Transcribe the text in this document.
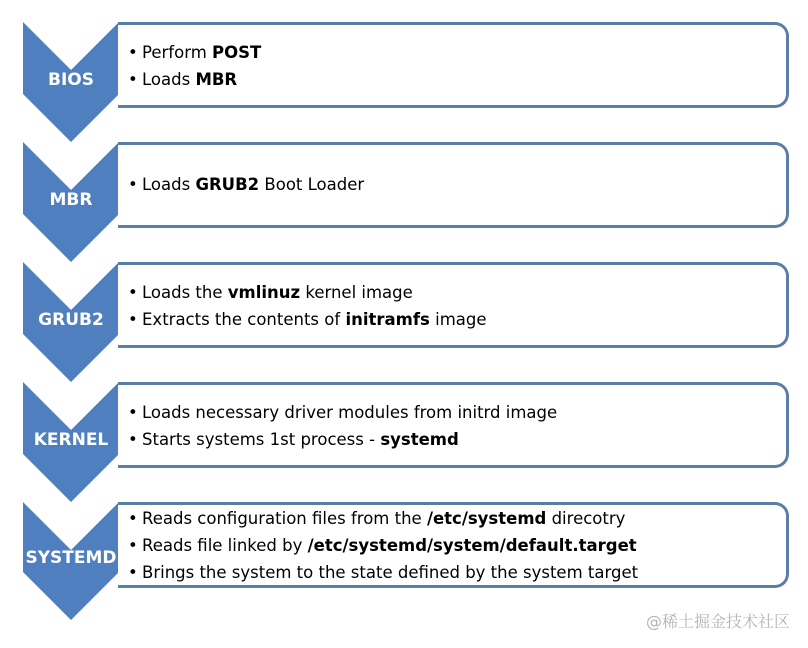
BIOS
• Perform POST
• Loads MBR
MBR
• Loads GRUB2 Boot Loader
GRUB2
• Loads the vmlinuz kernel image
• Extracts the contents of initramfs image
KERNEL
• Loads necessary driver modules from initrd image
• Starts systems 1st process - systemd
SYSTEMD
• Reads configuration files from the /etc/systemd direcotry
• Reads file linked by /etc/systemd/system/default.target
• Brings the system to the state defined by the system target
@稀土掘金技术社区
